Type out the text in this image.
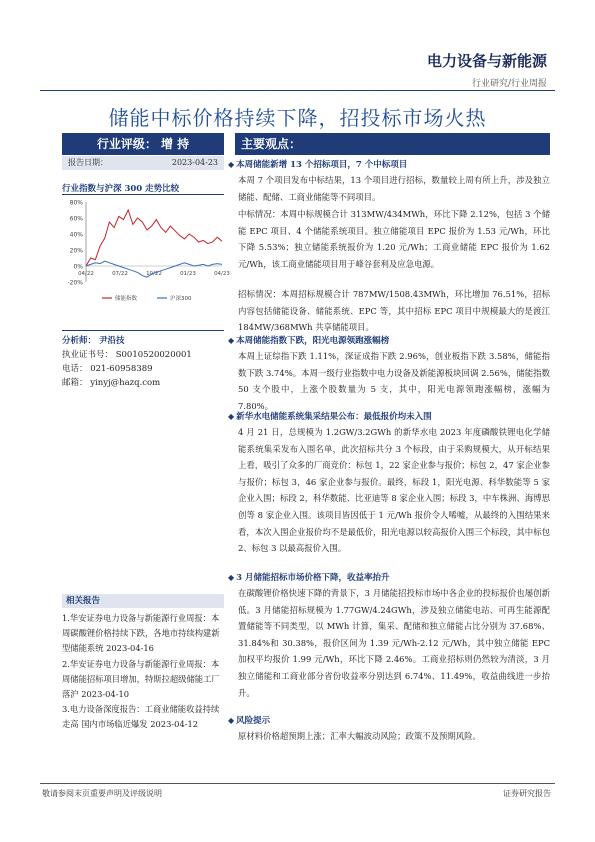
电力设备与新能源
行业研究/行业周报
储能中标价格持续下降，招投标市场火热
行业评级： 增 持
报告日期：	2023-04-23
行业指数与沪深 300 走势比较
80%
60%
40%
20%
0%
-20%
04/22	07/22	10/22	01/23	04/23
储能指数	沪深300
分析师： 尹沿技
执业证书号： S0010520020001
电话： 021-60958389
邮箱： yinyj@hazq.com
相关报告
1.华安证券电力设备与新能源行业周报：本周碳酸锂价格持续下跌，各地市持续构建新型储能系统 2023-04-16
2.华安证券电力设备与新能源行业周报：本周储能招标项目增加，特斯拉超级储能工厂落沪 2023-04-10
3.电力设备深度报告：工商业储能收益持续走高 国内市场临近爆发 2023-04-12
主要观点：
◆ 本周储能新增 13 个招标项目，7 个中标项目
本周 7 个项目发布中标结果，13 个项目进行招标，数量较上周有所上升，涉及独立储能、配储、工商业储能等不同项目。
中标情况：本周中标规模合计 313MW/434MWh，环比下降 2.12%，包括 3 个储能 EPC 项目、4 个储能系统项目。独立储能项目 EPC 报价为 1.53 元/Wh，环比下降 5.53%；独立储能系统报价为 1.20 元/Wh；工商业储能 EPC 报价为 1.62 元/Wh，该工商业储能项目用于峰谷套利及应急电源。
招标情况：本周招标规模合计 787MW/1508.43MWh，环比增加 76.51%，招标内容包括储能设备、储能系统、EPC 等，其中招标 EPC 项目中规模最大的是渡江 184MW/368MWh 共享储能项目。
◆ 本周储能指数下跌，阳光电源领跑涨幅榜
本周上证综指下跌 1.11%，深证成指下跌 2.96%，创业板指下跌 3.58%，储能指数下跌 3.74%。本周一级行业指数中电力设备及新能源板块回调 2.56%，储能指数 50 支个股中，上涨个股数量为 5 支，其中，阳光电源领跑涨幅榜，涨幅为 7.80%。
◆ 新华水电储能系统集采结果公布：最低报价均未入围
4 月 21 日，总规模为 1.2GW/3.2GWh 的新华水电 2023 年度磷酸铁锂电化学储能系统集采发布入围名单，此次招标共分 3 个标段，由于采购规模大，从开标结果上看，吸引了众多的厂商竞价：标包 1，22 家企业参与报价；标包 2，47 家企业参与报价；标包 3，46 家企业参与报价。最终，标段 1，阳光电源、科华数能等 5 家企业入围；标段 2，科华数能、比亚迪等 8 家企业入围；标段 3，中车株洲、海博思创等 8 家企业入围。该项目皆因低于 1 元/Wh 报价令人唏嘘，从最终的入围结果来看，本次入围企业报价均不是最低价，阳光电源以较高报价入围三个标段，其中标包 2、标包 3 以最高报价入围。
◆ 3 月储能招标市场价格下降，收益率抬升
在碳酸锂价格快速下降的背景下，3 月储能招投标市场中各企业的投标报价也屡创新低。3 月储能招标规模为 1.77GW/4.24GWh，涉及独立储能电站、可再生能源配置储能等不同类型，以 MWh 计算，集采、配储和独立储能占比分别为 37.68%、31.84%和 30.38%，报价区间为 1.39 元/Wh-2.12 元/Wh，其中独立储能 EPC 加权平均报价 1.99 元/Wh，环比下降 2.46%。工商业招标则仍然较为清淡，3 月独立储能和工商业部分省份收益率分别达到 6.74%、11.49%，收益曲线进一步抬升。
◆ 风险提示
原材料价格超预期上涨；汇率大幅波动风险；政策不及预期风险。
敬请参阅末页重要声明及评级说明	证券研究报告
